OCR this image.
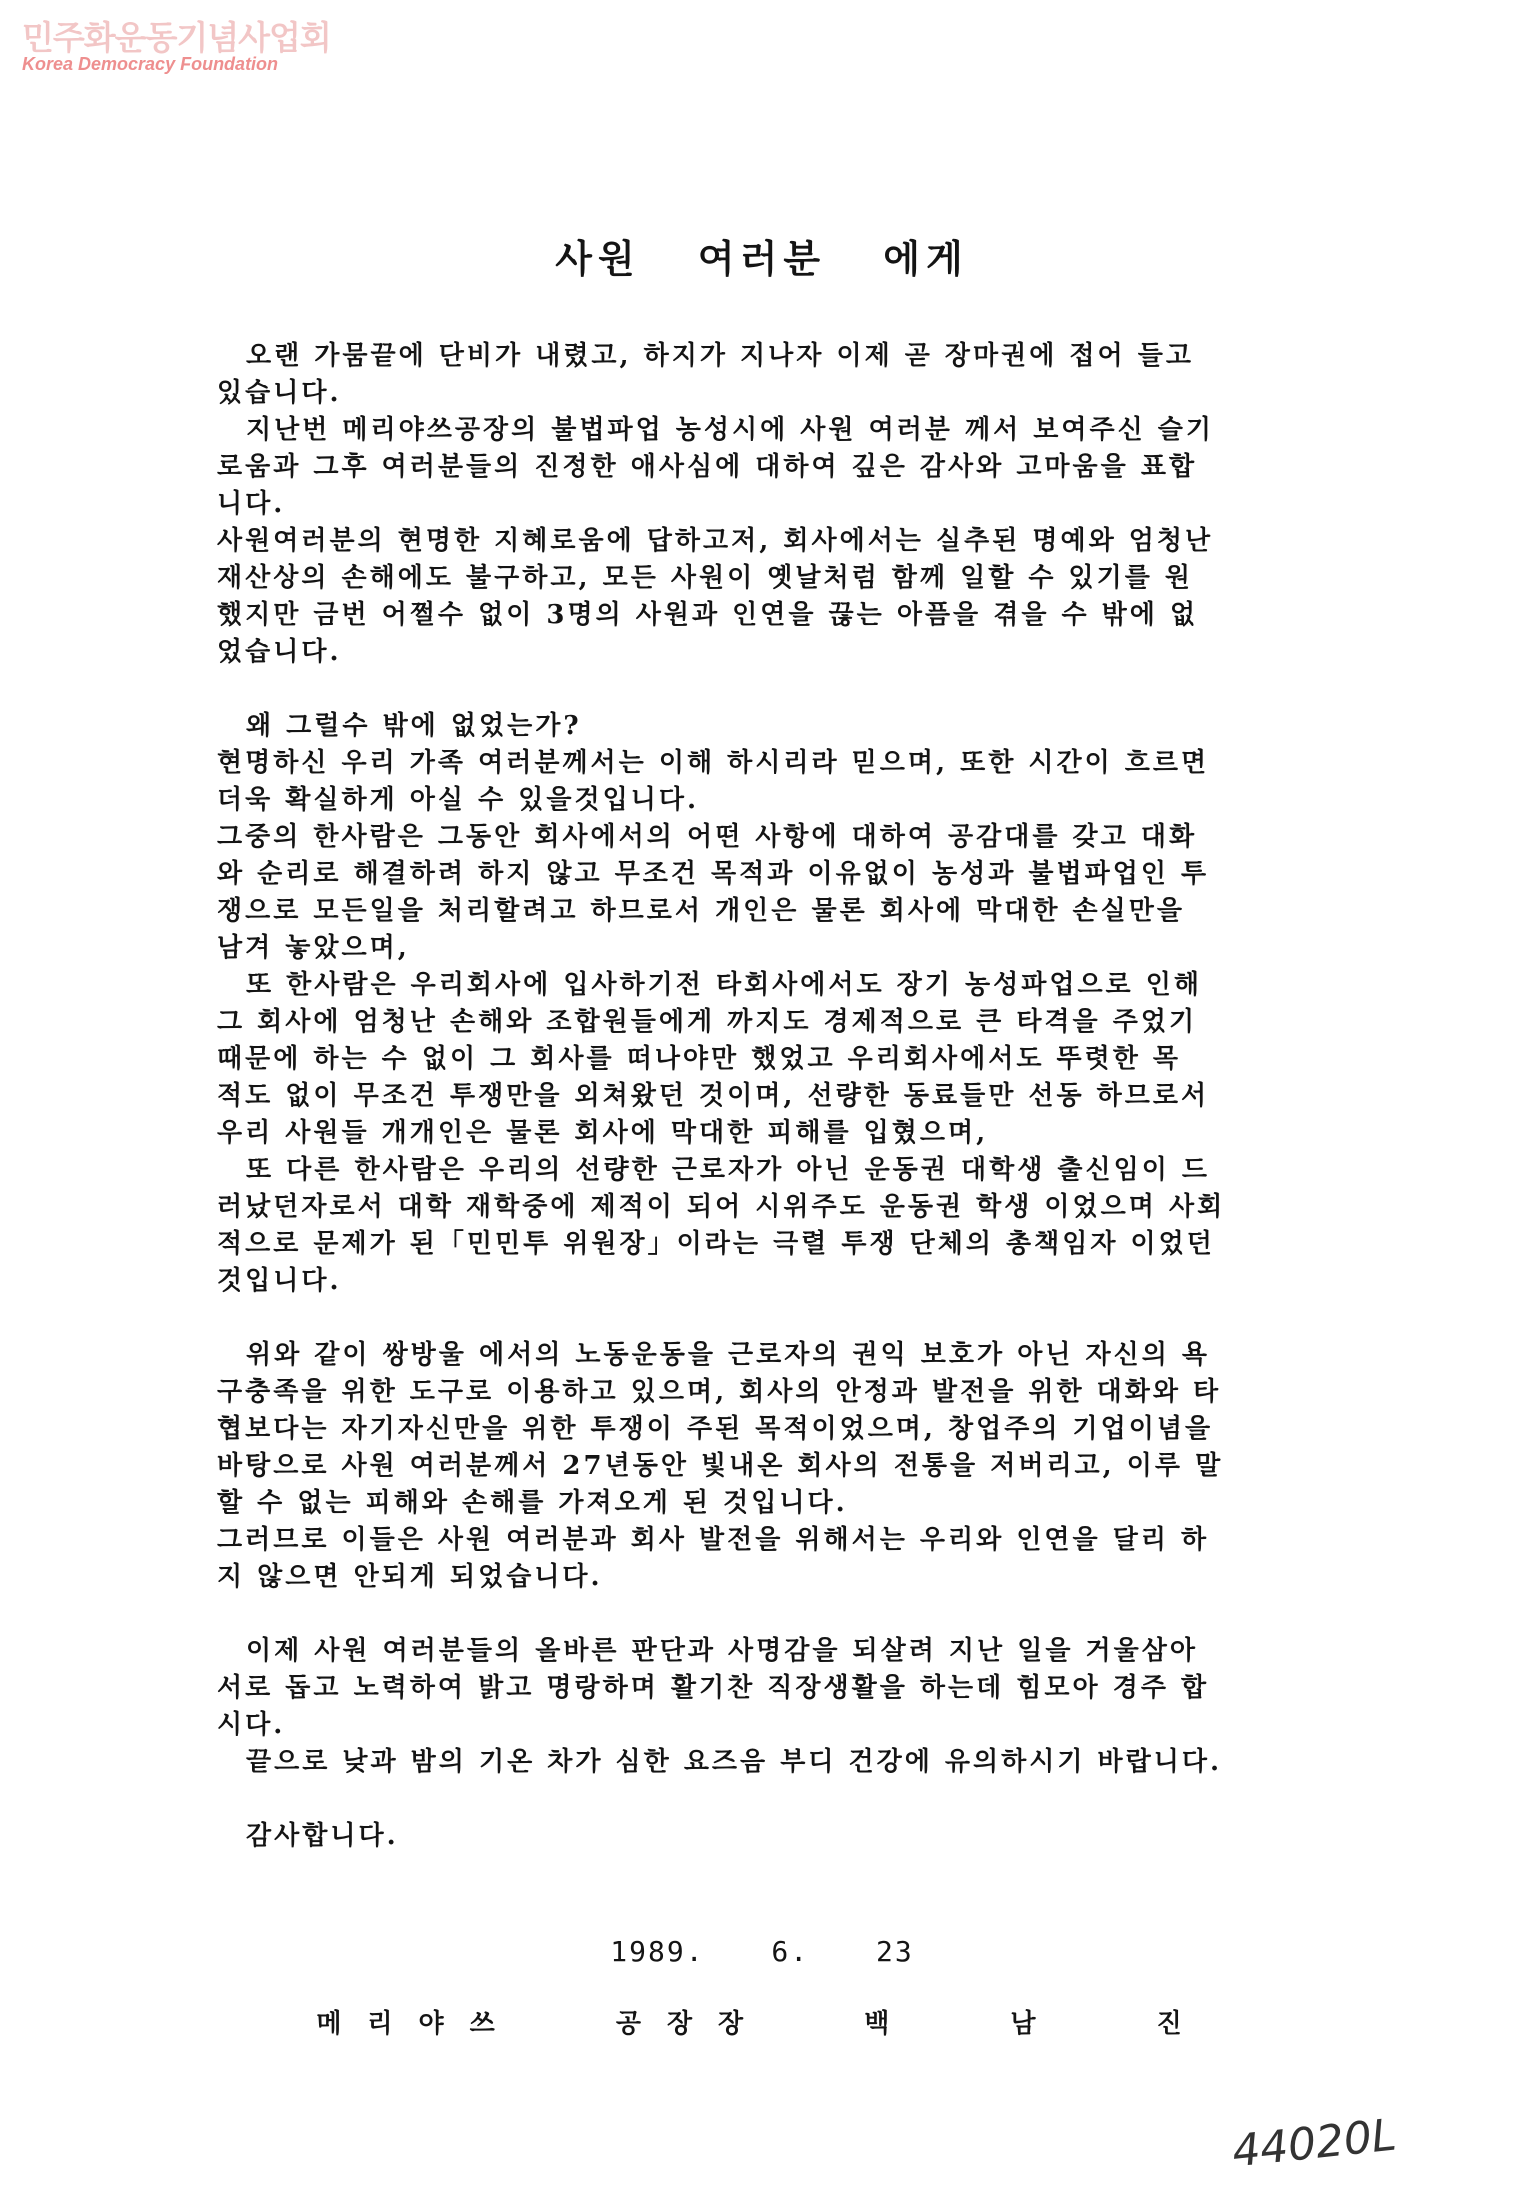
민주화운동기념사업회
Korea Democracy Foundation
사원 여러분 에게
　오랜 가뭄끝에 단비가 내렸고, 하지가 지나자 이제 곧 장마권에 접어 들고
있습니다.
　지난번 메리야쓰공장의 불법파업 농성시에 사원 여러분 께서 보여주신 슬기
로움과 그후 여러분들의 진정한 애사심에 대하여 깊은 감사와 고마움을 표합
니다.
사원여러분의 현명한 지혜로움에 답하고저, 회사에서는 실추된 명예와 엄청난
재산상의 손해에도 불구하고, 모든 사원이 옛날처럼 함께 일할 수 있기를 원
했지만 금번 어쩔수 없이 3명의 사원과 인연을 끊는 아픔을 겪을 수 밖에 없
었습니다.
　왜 그럴수 밖에 없었는가?
현명하신 우리 가족 여러분께서는 이해 하시리라 믿으며, 또한 시간이 흐르면
더욱 확실하게 아실 수 있을것입니다.
그중의 한사람은 그동안 회사에서의 어떤 사항에 대하여 공감대를 갖고 대화
와 순리로 해결하려 하지 않고 무조건 목적과 이유없이 농성과 불법파업인 투
쟁으로 모든일을 처리할려고 하므로서 개인은 물론 회사에 막대한 손실만을
남겨 놓았으며,
　또 한사람은 우리회사에 입사하기전 타회사에서도 장기 농성파업으로 인해
그 회사에 엄청난 손해와 조합원들에게 까지도 경제적으로 큰 타격을 주었기
때문에 하는 수 없이 그 회사를 떠나야만 했었고 우리회사에서도 뚜렷한 목
적도 없이 무조건 투쟁만을 외쳐왔던 것이며, 선량한 동료들만 선동 하므로서
우리 사원들 개개인은 물론 회사에 막대한 피해를 입혔으며,
　또 다른 한사람은 우리의 선량한 근로자가 아닌 운동권 대학생 출신임이 드
러났던자로서 대학 재학중에 제적이 되어 시위주도 운동권 학생 이었으며 사회
적으로 문제가 된「민민투 위원장」이라는 극렬 투쟁 단체의 총책임자 이었던
것입니다.
　위와 같이 쌍방울 에서의 노동운동을 근로자의 권익 보호가 아닌 자신의 욕
구충족을 위한 도구로 이용하고 있으며, 회사의 안정과 발전을 위한 대화와 타
협보다는 자기자신만을 위한 투쟁이 주된 목적이었으며, 창업주의 기업이념을
바탕으로 사원 여러분께서 27년동안 빛내온 회사의 전통을 저버리고, 이루 말
할 수 없는 피해와 손해를 가져오게 된 것입니다.
그러므로 이들은 사원 여러분과 회사 발전을 위해서는 우리와 인연을 달리 하
지 않으면 안되게 되었습니다.
　이제 사원 여러분들의 올바른 판단과 사명감을 되살려 지난 일을 거울삼아
서로 돕고 노력하여 밝고 명랑하며 활기찬 직장생활을 하는데 힘모아 경주 합
시다.
　끝으로 낮과 밤의 기온 차가 심한 요즈음 부디 건강에 유의하시기 바랍니다.
　감사합니다.
1989. 6. 23
메리야쓰 공장장 백 남 진
44020L
